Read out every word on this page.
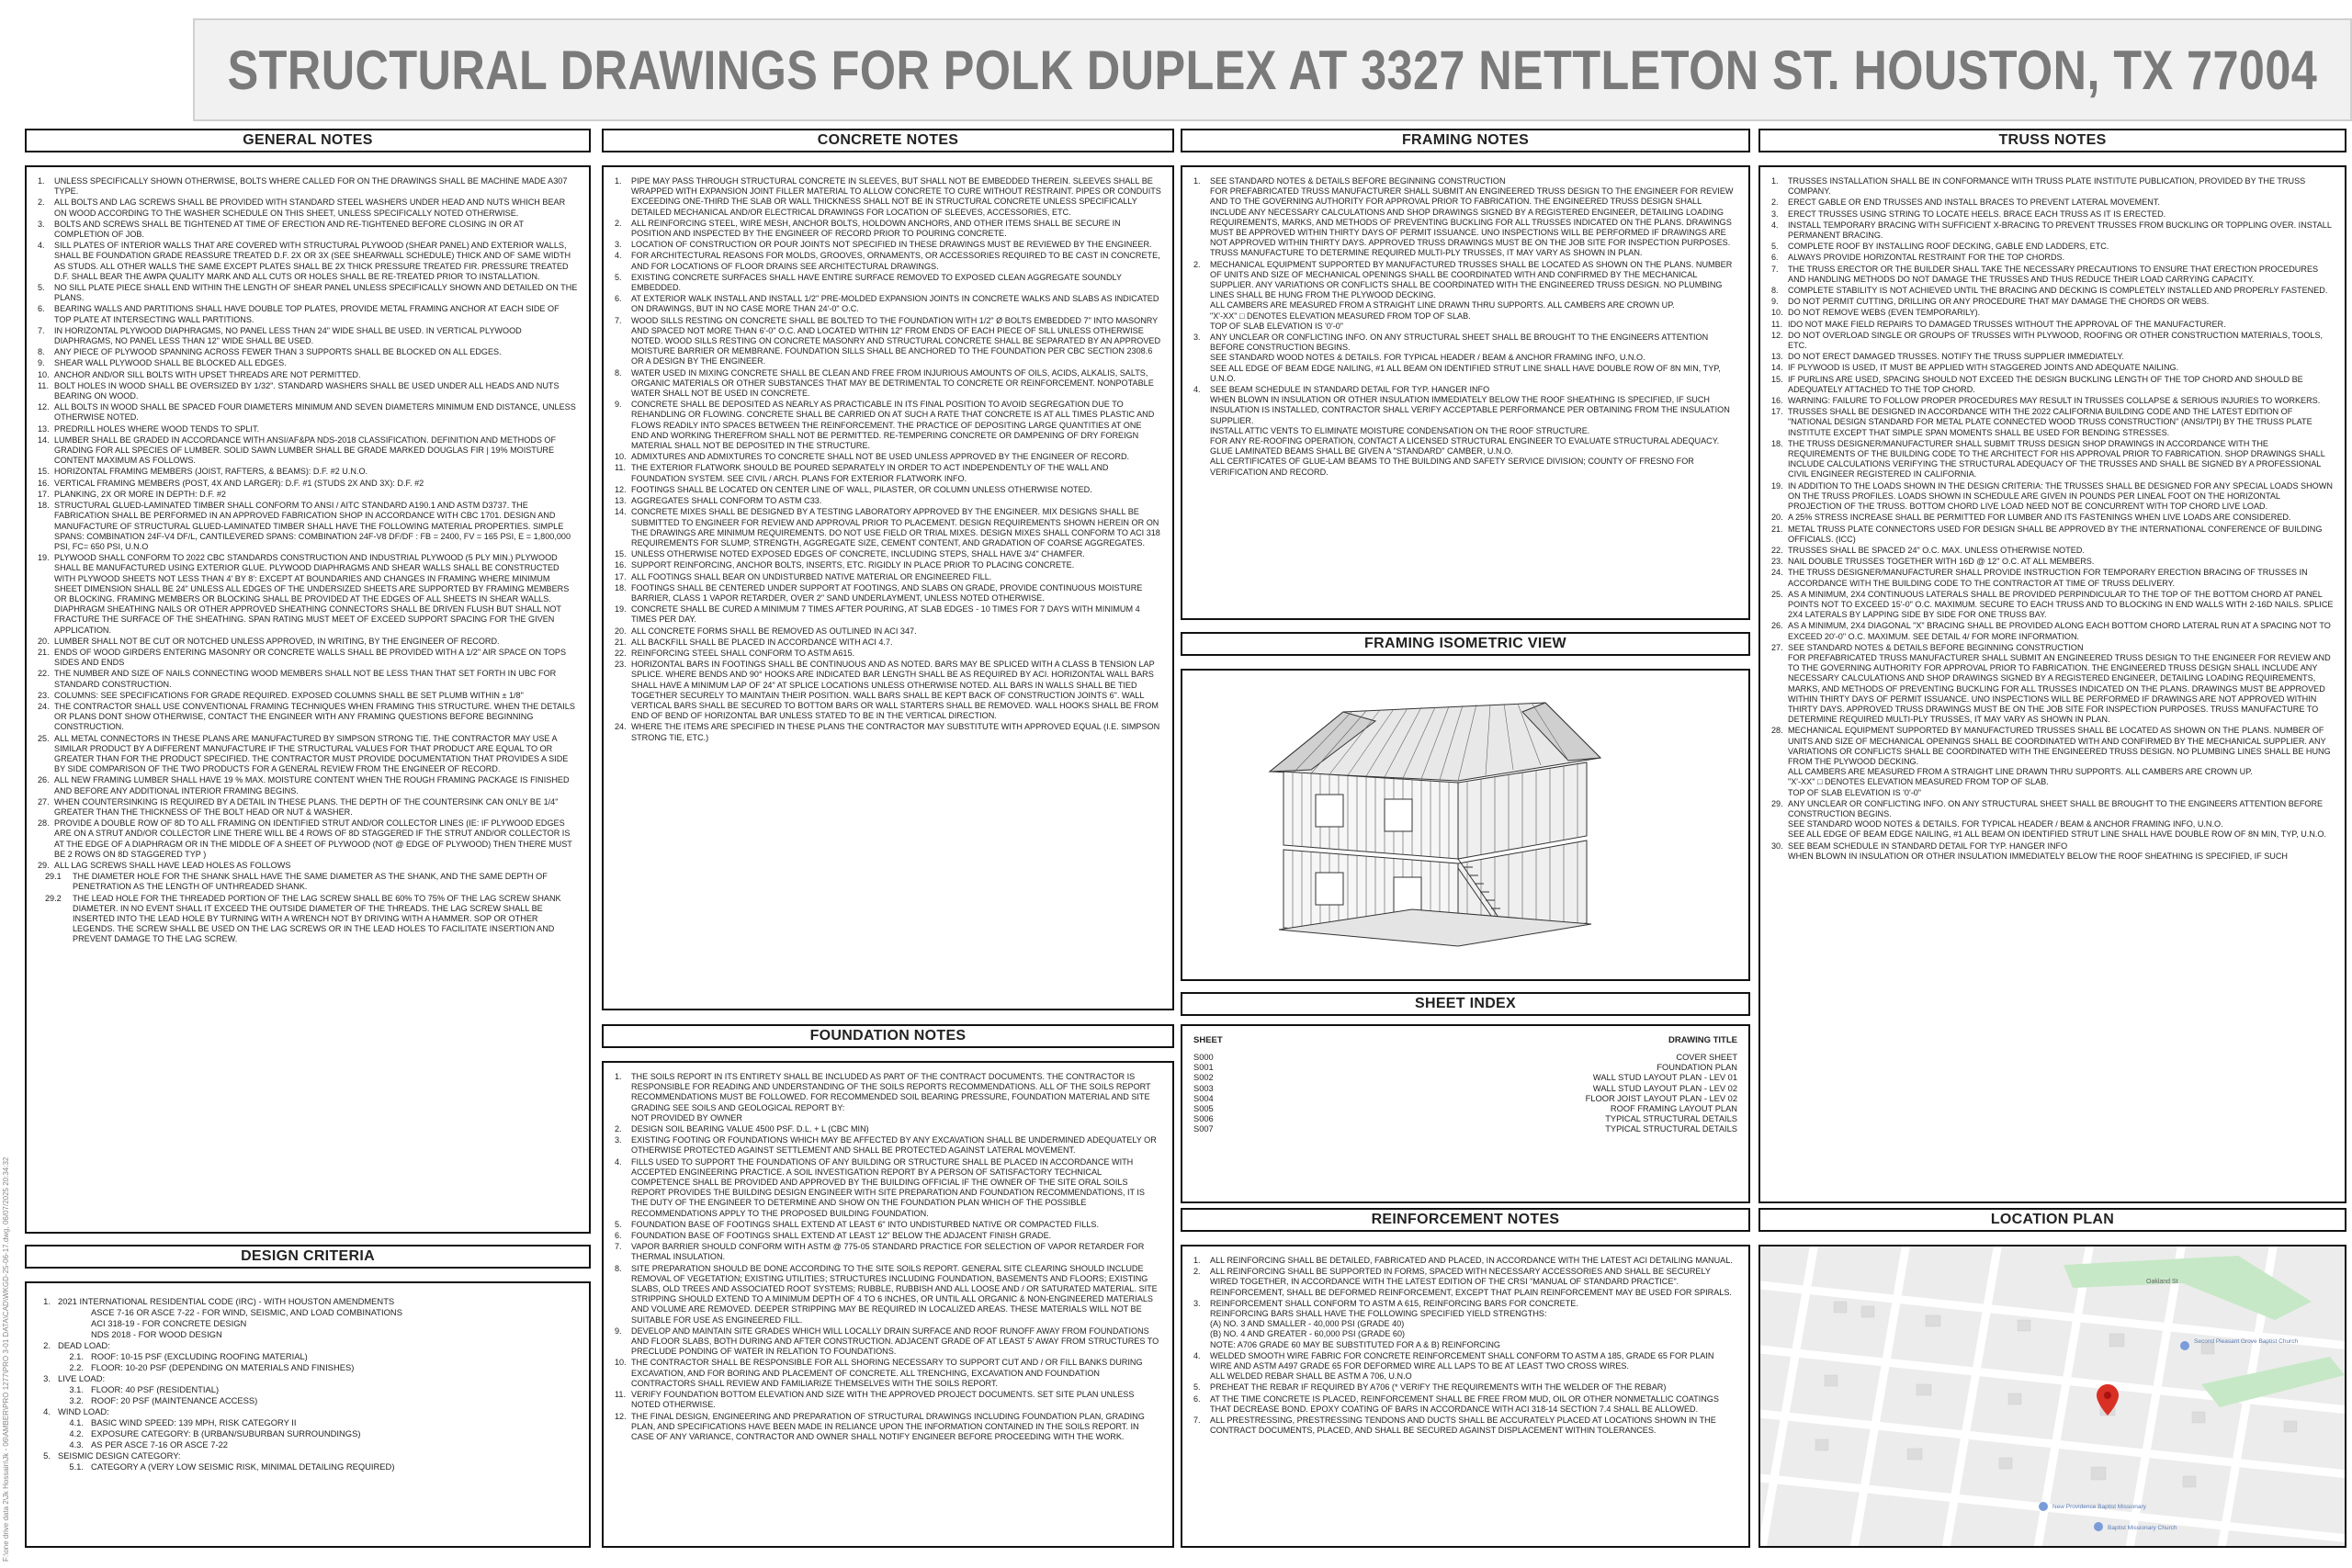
STRUCTURAL DRAWINGS FOR POLK DUPLEX AT 3327 NETTLETON ST. HOUSTON, TX 77004
F:\one drive data 2\Jk Hossain\Jk - 06\AMBER\PRO 1277\PRO 3-01 DATA\CAD\WKGD-25-06-17.dwg, 06/07/2025 20:34:32
GENERAL NOTES
1.	UNLESS SPECIFICALLY SHOWN OTHERWISE, BOLTS WHERE CALLED FOR ON THE DRAWINGS SHALL BE MACHINE MADE A307 TYPE.
2.	ALL BOLTS AND LAG SCREWS SHALL BE PROVIDED WITH STANDARD STEEL WASHERS UNDER HEAD AND NUTS WHICH BEAR ON WOOD ACCORDING TO THE WASHER SCHEDULE ON THIS SHEET, UNLESS SPECIFICALLY NOTED OTHERWISE.
3.	BOLTS AND SCREWS SHALL BE TIGHTENED AT TIME OF ERECTION AND RE-TIGHTENED BEFORE CLOSING IN OR AT COMPLETION OF JOB.
4.	SILL PLATES OF INTERIOR WALLS THAT ARE COVERED WITH STRUCTURAL PLYWOOD (SHEAR PANEL) AND EXTERIOR WALLS, SHALL BE FOUNDATION GRADE REASSURE TREATED D.F. 2X OR 3X (SEE SHEARWALL SCHEDULE) THICK AND OF SAME WIDTH AS STUDS. ALL OTHER WALLS THE SAME EXCEPT PLATES SHALL BE 2X THICK PRESSURE TREATED FIR. PRESSURE TREATED D.F. SHALL BEAR THE AWPA QUALITY MARK AND ALL CUTS OR HOLES SHALL BE RE-TREATED PRIOR TO INSTALLATION.
5.	NO SILL PLATE PIECE SHALL END WITHIN THE LENGTH OF SHEAR PANEL UNLESS SPECIFICALLY SHOWN AND DETAILED ON THE PLANS.
6.	BEARING WALLS AND PARTITIONS SHALL HAVE DOUBLE TOP PLATES, PROVIDE METAL FRAMING ANCHOR AT EACH SIDE OF TOP PLATE AT INTERSECTING WALL PARTITIONS.
7.	IN HORIZONTAL PLYWOOD DIAPHRAGMS, NO PANEL LESS THAN 24" WIDE SHALL BE USED. IN VERTICAL PLYWOOD DIAPHRAGMS, NO PANEL LESS THAN 12" WIDE SHALL BE USED.
8.	ANY PIECE OF PLYWOOD SPANNING ACROSS FEWER THAN 3 SUPPORTS SHALL BE BLOCKED ON ALL EDGES.
9.	SHEAR WALL PLYWOOD SHALL BE BLOCKED ALL EDGES.
10. ANCHOR AND/OR SILL BOLTS WITH UPSET THREADS ARE NOT PERMITTED.
11. BOLT HOLES IN WOOD SHALL BE OVERSIZED BY 1/32". STANDARD WASHERS SHALL BE USED UNDER ALL HEADS AND NUTS BEARING ON WOOD.
12. ALL BOLTS IN WOOD SHALL BE SPACED FOUR DIAMETERS MINIMUM AND SEVEN DIAMETERS MINIMUM END DISTANCE, UNLESS OTHERWISE NOTED.
13. PREDRILL HOLES WHERE WOOD TENDS TO SPLIT.
14. LUMBER SHALL BE GRADED IN ACCORDANCE WITH ANSI/AF&PA NDS-2018 CLASSIFICATION. DEFINITION AND METHODS OF GRADING FOR ALL SPECIES OF LUMBER. SOLID SAWN LUMBER SHALL BE GRADE MARKED DOUGLAS FIR | 19% MOISTURE CONTENT MAXIMUM AS FOLLOWS.
15. HORIZONTAL FRAMING MEMBERS (JOIST, RAFTERS, & BEAMS): D.F. #2 U.N.O.
16. VERTICAL FRAMING MEMBERS (POST, 4X AND LARGER): D.F. #1 (STUDS 2X AND 3X): D.F. #2
17. PLANKING, 2X OR MORE IN DEPTH: D.F. #2
18. STRUCTURAL GLUED-LAMINATED TIMBER SHALL CONFORM TO ANSI / AITC STANDARD A190.1 AND ASTM D3737. THE FABRICATION SHALL BE PERFORMED IN AN APPROVED FABRICATION SHOP IN ACCORDANCE WITH CBC 1701. DESIGN AND MANUFACTURE OF STRUCTURAL GLUED-LAMINATED TIMBER SHALL HAVE THE FOLLOWING MATERIAL PROPERTIES. SIMPLE SPANS: COMBINATION 24F-V4 DF/L, CANTILEVERED SPANS: COMBINATION 24F-V8 DF/DF : FB = 2400, FV = 165 PSI, E = 1,800,000 PSI, FC= 650 PSI, U.N.O
19. PLYWOOD SHALL CONFORM TO 2022 CBC STANDARDS CONSTRUCTION AND INDUSTRIAL PLYWOOD (5 PLY MIN.) PLYWOOD SHALL BE MANUFACTURED USING EXTERIOR GLUE. PLYWOOD DIAPHRAGMS AND SHEAR WALLS SHALL BE CONSTRUCTED WITH PLYWOOD SHEETS NOT LESS THAN 4' BY 8': EXCEPT AT BOUNDARIES AND CHANGES IN FRAMING WHERE MINIMUM SHEET DIMENSION SHALL BE 24" UNLESS ALL EDGES OF THE UNDERSIZED SHEETS ARE SUPPORTED BY FRAMING MEMBERS OR BLOCKING. FRAMING MEMBERS OR BLOCKING SHALL BE PROVIDED AT THE EDGES OF ALL SHEETS IN SHEAR WALLS. DIAPHRAGM SHEATHING NAILS OR OTHER APPROVED SHEATHING CONNECTORS SHALL BE DRIVEN FLUSH BUT SHALL NOT FRACTURE THE SURFACE OF THE SHEATHING. SPAN RATING MUST MEET OF EXCEED SUPPORT SPACING FOR THE GIVEN APPLICATION.
20. LUMBER SHALL NOT BE CUT OR NOTCHED UNLESS APPROVED, IN WRITING, BY THE ENGINEER OF RECORD.
21. ENDS OF WOOD GIRDERS ENTERING MASONRY OR CONCRETE WALLS SHALL BE PROVIDED WITH A 1/2" AIR SPACE ON TOPS SIDES AND ENDS
22. THE NUMBER AND SIZE OF NAILS CONNECTING WOOD MEMBERS SHALL NOT BE LESS THAN THAT SET FORTH IN UBC FOR STANDARD CONSTRUCTION.
23. COLUMNS: SEE SPECIFICATIONS FOR GRADE REQUIRED. EXPOSED COLUMNS SHALL BE SET PLUMB WITHIN ± 1/8"
24. THE CONTRACTOR SHALL USE CONVENTIONAL FRAMING TECHNIQUES WHEN FRAMING THIS STRUCTURE. WHEN THE DETAILS OR PLANS DONT SHOW OTHERWISE, CONTACT THE ENGINEER WITH ANY FRAMING QUESTIONS BEFORE BEGINNING CONSTRUCTION.
25. ALL METAL CONNECTORS IN THESE PLANS ARE MANUFACTURED BY SIMPSON STRONG TIE. THE CONTRACTOR MAY USE A SIMILAR PRODUCT BY A DIFFERENT MANUFACTURE IF THE STRUCTURAL VALUES FOR THAT PRODUCT ARE EQUAL TO OR GREATER THAN FOR THE PRODUCT SPECIFIED. THE CONTRACTOR MUST PROVIDE DOCUMENTATION THAT PROVIDES A SIDE BY SIDE COMPARISON OF THE TWO PRODUCTS FOR A GENERAL REVIEW FROM THE ENGINEER OF RECORD.
26. ALL NEW FRAMING LUMBER SHALL HAVE 19 % MAX. MOISTURE CONTENT WHEN THE ROUGH FRAMING PACKAGE IS FINISHED AND BEFORE ANY ADDITIONAL INTERIOR FRAMING BEGINS.
27. WHEN COUNTERSINKING IS REQUIRED BY A DETAIL IN THESE PLANS. THE DEPTH OF THE COUNTERSINK CAN ONLY BE 1/4" GREATER THAN THE THICKNESS OF THE BOLT HEAD OR NUT & WASHER.
28. PROVIDE A DOUBLE ROW OF 8D TO ALL FRAMING ON IDENTIFIED STRUT AND/OR COLLECTOR LINES (IE: IF PLYWOOD EDGES ARE ON A STRUT AND/OR COLLECTOR LINE THERE WILL BE 4 ROWS OF 8D STAGGERED IF THE STRUT AND/OR COLLECTOR IS AT THE EDGE OF A DIAPHRAGM OR IN THE MIDDLE OF A SHEET OF PLYWOOD (NOT @ EDGE OF PLYWOOD) THEN THERE MUST BE 2 ROWS ON 8D STAGGERED TYP )
29. ALL LAG SCREWS SHALL HAVE LEAD HOLES AS FOLLOWS
29.1	THE DIAMETER HOLE FOR THE SHANK SHALL HAVE THE SAME DIAMETER AS THE SHANK, AND THE SAME DEPTH OF PENETRATION AS THE LENGTH OF UNTHREADED SHANK.
29.2	THE LEAD HOLE FOR THE THREADED PORTION OF THE LAG SCREW SHALL BE 60% TO 75% OF THE LAG SCREW SHANK DIAMETER. IN NO EVENT SHALL IT EXCEED THE OUTSIDE DIAMETER OF THE THREADS. THE LAG SCREW SHALL BE INSERTED INTO THE LEAD HOLE BY TURNING WITH A WRENCH NOT BY DRIVING WITH A HAMMER. SOP OR OTHER LEGENDS. THE SCREW SHALL BE USED ON THE LAG SCREWS OR IN THE LEAD HOLES TO FACILITATE INSERTION AND PREVENT DAMAGE TO THE LAG SCREW.
DESIGN CRITERIA
1. 2021 INTERNATIONAL RESIDENTIAL CODE (IRC) - WITH HOUSTON AMENDMENTS
ASCE 7-16 OR ASCE 7-22 - FOR WIND, SEISMIC, AND LOAD COMBINATIONS
ACI 318-19 - FOR CONCRETE DESIGN
NDS 2018 - FOR WOOD DESIGN
2. DEAD LOAD:
2.1. ROOF: 10-15 PSF (EXCLUDING ROOFING MATERIAL)
2.2. FLOOR: 10-20 PSF (DEPENDING ON MATERIALS AND FINISHES)
3. LIVE LOAD:
3.1. FLOOR: 40 PSF (RESIDENTIAL)
3.2. ROOF: 20 PSF (MAINTENANCE ACCESS)
4. WIND LOAD:
4.1. BASIC WIND SPEED: 139 MPH, RISK CATEGORY II
4.2. EXPOSURE CATEGORY: B (URBAN/SUBURBAN SURROUNDINGS)
4.3. AS PER ASCE 7-16 OR ASCE 7-22
5. SEISMIC DESIGN CATEGORY:
5.1. CATEGORY A (VERY LOW SEISMIC RISK, MINIMAL DETAILING REQUIRED)
CONCRETE NOTES
1.	PIPE MAY PASS THROUGH STRUCTURAL CONCRETE IN SLEEVES, BUT SHALL NOT BE EMBEDDED THEREIN. SLEEVES SHALL BE WRAPPED WITH EXPANSION JOINT FILLER MATERIAL TO ALLOW CONCRETE TO CURE WITHOUT RESTRAINT. PIPES OR CONDUITS EXCEEDING ONE-THIRD THE SLAB OR WALL THICKNESS SHALL NOT BE IN STRUCTURAL CONCRETE UNLESS SPECIFICALLY DETAILED MECHANICAL AND/OR ELECTRICAL DRAWINGS FOR LOCATION OF SLEEVES, ACCESSORIES, ETC.
2.	ALL REINFORCING STEEL, WIRE MESH, ANCHOR BOLTS, HOLDOWN ANCHORS, AND OTHER ITEMS SHALL BE SECURE IN POSITION AND INSPECTED BY THE ENGINEER OF RECORD PRIOR TO POURING CONCRETE.
3.	LOCATION OF CONSTRUCTION OR POUR JOINTS NOT SPECIFIED IN THESE DRAWINGS MUST BE REVIEWED BY THE ENGINEER.
4.	FOR ARCHITECTURAL REASONS FOR MOLDS, GROOVES, ORNAMENTS, OR ACCESSORIES REQUIRED TO BE CAST IN CONCRETE, AND FOR LOCATIONS OF FLOOR DRAINS SEE ARCHITECTURAL DRAWINGS.
5.	EXISTING CONCRETE SURFACES SHALL HAVE ENTIRE SURFACE REMOVED TO EXPOSED CLEAN AGGREGATE SOUNDLY EMBEDDED.
6.	AT EXTERIOR WALK INSTALL AND INSTALL 1/2" PRE-MOLDED EXPANSION JOINTS IN CONCRETE WALKS AND SLABS AS INDICATED ON DRAWINGS, BUT IN NO CASE MORE THAN 24'-0" O.C.
7.	WOOD SILLS RESTING ON CONCRETE SHALL BE BOLTED TO THE FOUNDATION WITH 1/2" Ø BOLTS EMBEDDED 7" INTO MASONRY AND SPACED NOT MORE THAN 6'-0" O.C. AND LOCATED WITHIN 12" FROM ENDS OF EACH PIECE OF SILL UNLESS OTHERWISE NOTED. WOOD SILLS RESTING ON CONCRETE MASONRY AND STRUCTURAL CONCRETE SHALL BE SEPARATED BY AN APPROVED MOISTURE BARRIER OR MEMBRANE. FOUNDATION SILLS SHALL BE ANCHORED TO THE FOUNDATION PER CBC SECTION 2308.6 OR A DESIGN BY THE ENGINEER.
8.	WATER USED IN MIXING CONCRETE SHALL BE CLEAN AND FREE FROM INJURIOUS AMOUNTS OF OILS, ACIDS, ALKALIS, SALTS, ORGANIC MATERIALS OR OTHER SUBSTANCES THAT MAY BE DETRIMENTAL TO CONCRETE OR REINFORCEMENT. NONPOTABLE WATER SHALL NOT BE USED IN CONCRETE.
9.	CONCRETE SHALL BE DEPOSITED AS NEARLY AS PRACTICABLE IN ITS FINAL POSITION TO AVOID SEGREGATION DUE TO REHANDLING OR FLOWING. CONCRETE SHALL BE CARRIED ON AT SUCH A RATE THAT CONCRETE IS AT ALL TIMES PLASTIC AND FLOWS READILY INTO SPACES BETWEEN THE REINFORCEMENT. THE PRACTICE OF DEPOSITING LARGE QUANTITIES AT ONE END AND WORKING THEREFROM SHALL NOT BE PERMITTED. RE-TEMPERING CONCRETE OR DAMPENING OF DRY FOREIGN MATERIAL SHALL NOT BE DEPOSITED IN THE STRUCTURE.
10. ADMIXTURES AND ADMIXTURES TO CONCRETE SHALL NOT BE USED UNLESS APPROVED BY THE ENGINEER OF RECORD.
11. THE EXTERIOR FLATWORK SHOULD BE POURED SEPARATELY IN ORDER TO ACT INDEPENDENTLY OF THE WALL AND FOUNDATION SYSTEM. SEE CIVIL / ARCH. PLANS FOR EXTERIOR FLATWORK INFO.
12. FOOTINGS SHALL BE LOCATED ON CENTER LINE OF WALL, PILASTER, OR COLUMN UNLESS OTHERWISE NOTED.
13. AGGREGATES SHALL CONFORM TO ASTM C33.
14. CONCRETE MIXES SHALL BE DESIGNED BY A TESTING LABORATORY APPROVED BY THE ENGINEER. MIX DESIGNS SHALL BE SUBMITTED TO ENGINEER FOR REVIEW AND APPROVAL PRIOR TO PLACEMENT. DESIGN REQUIREMENTS SHOWN HEREIN OR ON THE DRAWINGS ARE MINIMUM REQUIREMENTS. DO NOT USE FIELD OR TRIAL MIXES. DESIGN MIXES SHALL CONFORM TO ACI 318 REQUIREMENTS FOR SLUMP, STRENGTH, AGGREGATE SIZE, CEMENT CONTENT, AND GRADATION OF COARSE AGGREGATES.
15. UNLESS OTHERWISE NOTED EXPOSED EDGES OF CONCRETE, INCLUDING STEPS, SHALL HAVE 3/4" CHAMFER.
16. SUPPORT REINFORCING, ANCHOR BOLTS, INSERTS, ETC. RIGIDLY IN PLACE PRIOR TO PLACING CONCRETE.
17. ALL FOOTINGS SHALL BEAR ON UNDISTURBED NATIVE MATERIAL OR ENGINEERED FILL.
18. FOOTINGS SHALL BE CENTERED UNDER SUPPORT AT FOOTINGS, AND SLABS ON GRADE, PROVIDE CONTINUOUS MOISTURE BARRIER, CLASS 1 VAPOR RETARDER, OVER 2" SAND UNDERLAYMENT, UNLESS NOTED OTHERWISE.
19. CONCRETE SHALL BE CURED A MINIMUM 7 TIMES AFTER POURING, AT SLAB EDGES - 10 TIMES FOR 7 DAYS WITH MINIMUM 4 TIMES PER DAY.
20. ALL CONCRETE FORMS SHALL BE REMOVED AS OUTLINED IN ACI 347.
21. ALL BACKFILL SHALL BE PLACED IN ACCORDANCE WITH ACI 4.7.
22. REINFORCING STEEL SHALL CONFORM TO ASTM A615.
23. HORIZONTAL BARS IN FOOTINGS SHALL BE CONTINUOUS AND AS NOTED. BARS MAY BE SPLICED WITH A CLASS B TENSION LAP SPLICE. WHERE BENDS AND 90° HOOKS ARE INDICATED BAR LENGTH SHALL BE AS REQUIRED BY ACI. HORIZONTAL WALL BARS SHALL HAVE A MINIMUM LAP OF 24" AT SPLICE LOCATIONS UNLESS OTHERWISE NOTED. ALL BARS IN WALLS SHALL BE TIED TOGETHER SECURELY TO MAINTAIN THEIR POSITION. WALL BARS SHALL BE KEPT BACK OF CONSTRUCTION JOINTS 6". WALL VERTICAL BARS SHALL BE SECURED TO BOTTOM BARS OR WALL STARTERS SHALL BE REMOVED. WALL HOOKS SHALL BE FROM END OF BEND OF HORIZONTAL BAR UNLESS STATED TO BE IN THE VERTICAL DIRECTION.
24. WHERE THE ITEMS ARE SPECIFIED IN THESE PLANS THE CONTRACTOR MAY SUBSTITUTE WITH APPROVED EQUAL (I.E. SIMPSON STRONG TIE, ETC.)
FOUNDATION NOTES
1.	THE SOILS REPORT IN ITS ENTIRETY SHALL BE INCLUDED AS PART OF THE CONTRACT DOCUMENTS. THE CONTRACTOR IS RESPONSIBLE FOR READING AND UNDERSTANDING OF THE SOILS REPORTS RECOMMENDATIONS. ALL OF THE SOILS REPORT RECOMMENDATIONS MUST BE FOLLOWED. FOR RECOMMENDED SOIL BEARING PRESSURE, FOUNDATION MATERIAL AND SITE GRADING SEE SOILS AND GEOLOGICAL REPORT BY:
NOT PROVIDED BY OWNER
2.	DESIGN SOIL BEARING VALUE 4500 PSF. D.L. + L (CBC MIN)
3.	EXISTING FOOTING OR FOUNDATIONS WHICH MAY BE AFFECTED BY ANY EXCAVATION SHALL BE UNDERMINED ADEQUATELY OR OTHERWISE PROTECTED AGAINST SETTLEMENT AND SHALL BE PROTECTED AGAINST LATERAL MOVEMENT.
4.	FILLS USED TO SUPPORT THE FOUNDATIONS OF ANY BUILDING OR STRUCTURE SHALL BE PLACED IN ACCORDANCE WITH ACCEPTED ENGINEERING PRACTICE. A SOIL INVESTIGATION REPORT BY A PERSON OF SATISFACTORY TECHNICAL COMPETENCE SHALL BE PROVIDED AND APPROVED BY THE BUILDING OFFICIAL IF THE OWNER OF THE SITE ORAL SOILS REPORT PROVIDES THE BUILDING DESIGN ENGINEER WITH SITE PREPARATION AND FOUNDATION RECOMMENDATIONS, IT IS THE DUTY OF THE ENGINEER TO DETERMINE AND SHOW ON THE FOUNDATION PLAN WHICH OF THE POSSIBLE RECOMMENDATIONS APPLY TO THE PROPOSED BUILDING FOUNDATION.
5.	FOUNDATION BASE OF FOOTINGS SHALL EXTEND AT LEAST 6" INTO UNDISTURBED NATIVE OR COMPACTED FILLS.
6.	FOUNDATION BASE OF FOOTINGS SHALL EXTEND AT LEAST 12" BELOW THE ADJACENT FINISH GRADE.
7.	VAPOR BARRIER SHOULD CONFORM WITH ASTM @ 775-05 STANDARD PRACTICE FOR SELECTION OF VAPOR RETARDER FOR THERMAL INSULATION.
8.	SITE PREPARATION SHOULD BE DONE ACCORDING TO THE SITE SOILS REPORT. GENERAL SITE CLEARING SHOULD INCLUDE REMOVAL OF VEGETATION; EXISTING UTILITIES; STRUCTURES INCLUDING FOUNDATION, BASEMENTS AND FLOORS; EXISTING SLABS, OLD TREES AND ASSOCIATED ROOT SYSTEMS; RUBBLE, RUBBISH AND ALL LOOSE AND / OR SATURATED MATERIAL. SITE STRIPPING SHOULD EXTEND TO A MINIMUM DEPTH OF 4 TO 6 INCHES, OR UNTIL ALL ORGANIC & NON-ENGINEERED MATERIALS AND VOLUME ARE REMOVED. DEEPER STRIPPING MAY BE REQUIRED IN LOCALIZED AREAS. THESE MATERIALS WILL NOT BE SUITABLE FOR USE AS ENGINEERED FILL.
9.	DEVELOP AND MAINTAIN SITE GRADES WHICH WILL LOCALLY DRAIN SURFACE AND ROOF RUNOFF AWAY FROM FOUNDATIONS AND FLOOR SLABS, BOTH DURING AND AFTER CONSTRUCTION. ADJACENT GRADE OF AT LEAST 5' AWAY FROM STRUCTURES TO PRECLUDE PONDING OF WATER IN RELATION TO FOUNDATIONS.
10. THE CONTRACTOR SHALL BE RESPONSIBLE FOR ALL SHORING NECESSARY TO SUPPORT CUT AND / OR FILL BANKS DURING EXCAVATION, AND FOR BORING AND PLACEMENT OF CONCRETE. ALL TRENCHING, EXCAVATION AND FOUNDATION CONTRACTORS SHALL REVIEW AND FAMILIARIZE THEMSELVES WITH THE SOILS REPORT.
11. VERIFY FOUNDATION BOTTOM ELEVATION AND SIZE WITH THE APPROVED PROJECT DOCUMENTS. SET SITE PLAN UNLESS NOTED OTHERWISE.
12. THE FINAL DESIGN, ENGINEERING AND PREPARATION OF STRUCTURAL DRAWINGS INCLUDING FOUNDATION PLAN, GRADING PLAN, AND SPECIFICATIONS HAVE BEEN MADE IN RELIANCE UPON THE INFORMATION CONTAINED IN THE SOILS REPORT. IN CASE OF ANY VARIANCE, CONTRACTOR AND OWNER SHALL NOTIFY ENGINEER BEFORE PROCEEDING WITH THE WORK.
FRAMING NOTES
1.	SEE STANDARD NOTES & DETAILS BEFORE BEGINNING CONSTRUCTION
FOR PREFABRICATED TRUSS MANUFACTURER SHALL SUBMIT AN ENGINEERED TRUSS DESIGN TO THE ENGINEER FOR REVIEW AND TO THE GOVERNING AUTHORITY FOR APPROVAL PRIOR TO FABRICATION. THE ENGINEERED TRUSS DESIGN SHALL INCLUDE ANY NECESSARY CALCULATIONS AND SHOP DRAWINGS SIGNED BY A REGISTERED ENGINEER, DETAILING LOADING REQUIREMENTS, MARKS, AND METHODS OF PREVENTING BUCKLING FOR ALL TRUSSES INDICATED ON THE PLANS. DRAWINGS MUST BE APPROVED WITHIN THIRTY DAYS OF PERMIT ISSUANCE. UNO INSPECTIONS WILL BE PERFORMED IF DRAWINGS ARE NOT APPROVED WITHIN THIRTY DAYS. APPROVED TRUSS DRAWINGS MUST BE ON THE JOB SITE FOR INSPECTION PURPOSES. TRUSS MANUFACTURE TO DETERMINE REQUIRED MULTI-PLY TRUSSES, IT MAY VARY AS SHOWN IN PLAN.
2.	MECHANICAL EQUIPMENT SUPPORTED BY MANUFACTURED TRUSSES SHALL BE LOCATED AS SHOWN ON THE PLANS. NUMBER OF UNITS AND SIZE OF MECHANICAL OPENINGS SHALL BE COORDINATED WITH AND CONFIRMED BY THE MECHANICAL SUPPLIER. ANY VARIATIONS OR CONFLICTS SHALL BE COORDINATED WITH THE ENGINEERED TRUSS DESIGN. NO PLUMBING LINES SHALL BE HUNG FROM THE PLYWOOD DECKING.
ALL CAMBERS ARE MEASURED FROM A STRAIGHT LINE DRAWN THRU SUPPORTS. ALL CAMBERS ARE CROWN UP.
"X'-XX" □ DENOTES ELEVATION MEASURED FROM TOP OF SLAB.
TOP OF SLAB ELEVATION IS '0'-0"
3.	ANY UNCLEAR OR CONFLICTING INFO. ON ANY STRUCTURAL SHEET SHALL BE BROUGHT TO THE ENGINEERS ATTENTION BEFORE CONSTRUCTION BEGINS.
SEE STANDARD WOOD NOTES & DETAILS. FOR TYPICAL HEADER / BEAM & ANCHOR FRAMING INFO, U.N.O.
SEE ALL EDGE OF BEAM EDGE NAILING, #1 ALL BEAM ON IDENTIFIED STRUT LINE SHALL HAVE DOUBLE ROW OF 8N MIN, TYP, U.N.O.
4.	SEE BEAM SCHEDULE IN STANDARD DETAIL FOR TYP. HANGER INFO
WHEN BLOWN IN INSULATION OR OTHER INSULATION IMMEDIATELY BELOW THE ROOF SHEATHING IS SPECIFIED, IF SUCH INSULATION IS INSTALLED, CONTRACTOR SHALL VERIFY ACCEPTABLE PERFORMANCE PER OBTAINING FROM THE INSULATION SUPPLIER.
INSTALL ATTIC VENTS TO ELIMINATE MOISTURE CONDENSATION ON THE ROOF STRUCTURE.
FOR ANY RE-ROOFING OPERATION, CONTACT A LICENSED STRUCTURAL ENGINEER TO EVALUATE STRUCTURAL ADEQUACY.
GLUE LAMINATED BEAMS SHALL BE GIVEN A "STANDARD" CAMBER, U.N.O.
ALL CERTIFICATES OF GLUE-LAM BEAMS TO THE BUILDING AND SAFETY SERVICE DIVISION; COUNTY OF FRESNO FOR VERIFICATION AND RECORD.
FRAMING ISOMETRIC VIEW
SHEET INDEX
SHEET	DRAWING TITLE
S000	COVER SHEET
S001	FOUNDATION PLAN
S002	WALL STUD LAYOUT PLAN - LEV 01
S003	WALL STUD LAYOUT PLAN - LEV 02
S004	FLOOR JOIST LAYOUT PLAN - LEV 02
S005	ROOF FRAMING LAYOUT PLAN
S006	TYPICAL STRUCTURAL DETAILS
S007	TYPICAL STRUCTURAL DETAILS
REINFORCEMENT NOTES
1.	ALL REINFORCING SHALL BE DETAILED, FABRICATED AND PLACED, IN ACCORDANCE WITH THE LATEST ACI DETAILING MANUAL.
2.	ALL REINFORCING SHALL BE SUPPORTED IN FORMS, SPACED WITH NECESSARY ACCESSORIES AND SHALL BE SECURELY WIRED TOGETHER, IN ACCORDANCE WITH THE LATEST EDITION OF THE CRSI "MANUAL OF STANDARD PRACTICE". REINFORCEMENT, SHALL BE DEFORMED REINFORCEMENT, EXCEPT THAT PLAIN REINFORCEMENT MAY BE USED FOR SPIRALS.
3.	REINFORCEMENT SHALL CONFORM TO ASTM A 615, REINFORCING BARS FOR CONCRETE.
REINFORCING BARS SHALL HAVE THE FOLLOWING SPECIFIED YIELD STRENGTHS:
(A) NO. 3 AND SMALLER - 40,000 PSI (GRADE 40)
(B) NO. 4 AND GREATER - 60,000 PSI (GRADE 60)
NOTE: A706 GRADE 60 MAY BE SUBSTITUTED FOR A & B) REINFORCING
4.	WELDED SMOOTH WIRE FABRIC FOR CONCRETE REINFORCEMENT SHALL CONFORM TO ASTM A 185, GRADE 65 FOR PLAIN WIRE AND ASTM A497 GRADE 65 FOR DEFORMED WIRE ALL LAPS TO BE AT LEAST TWO CROSS WIRES.
ALL WELDED REBAR SHALL BE ASTM A 706, U.N.O
5.	PREHEAT THE REBAR IF REQUIRED BY A706 (* VERIFY THE REQUIREMENTS WITH THE WELDER OF THE REBAR)
6.	AT THE TIME CONCRETE IS PLACED, REINFORCEMENT SHALL BE FREE FROM MUD, OIL OR OTHER NONMETALLIC COATINGS THAT DECREASE BOND. EPOXY COATING OF BARS IN ACCORDANCE WITH ACI 318-14 SECTION 7.4 SHALL BE ALLOWED.
7.	ALL PRESTRESSING, PRESTRESSING TENDONS AND DUCTS SHALL BE ACCURATELY PLACED AT LOCATIONS SHOWN IN THE CONTRACT DOCUMENTS, PLACED, AND SHALL BE SECURED AGAINST DISPLACEMENT WITHIN TOLERANCES.
TRUSS NOTES
1.	TRUSSES INSTALLATION SHALL BE IN CONFORMANCE WITH TRUSS PLATE INSTITUTE PUBLICATION, PROVIDED BY THE TRUSS COMPANY.
2.	ERECT GABLE OR END TRUSSES AND INSTALL BRACES TO PREVENT LATERAL MOVEMENT.
3.	ERECT TRUSSES USING STRING TO LOCATE HEELS. BRACE EACH TRUSS AS IT IS ERECTED.
4.	INSTALL TEMPORARY BRACING WITH SUFFICIENT X-BRACING TO PREVENT TRUSSES FROM BUCKLING OR TOPPLING OVER. INSTALL PERMANENT BRACING.
5.	COMPLETE ROOF BY INSTALLING ROOF DECKING, GABLE END LADDERS, ETC.
6.	ALWAYS PROVIDE HORIZONTAL RESTRAINT FOR THE TOP CHORDS.
7.	THE TRUSS ERECTOR OR THE BUILDER SHALL TAKE THE NECESSARY PRECAUTIONS TO ENSURE THAT ERECTION PROCEDURES AND HANDLING METHODS DO NOT DAMAGE THE TRUSSES AND THUS REDUCE THEIR LOAD CARRYING CAPACITY.
8.	COMPLETE STABILITY IS NOT ACHIEVED UNTIL THE BRACING AND DECKING IS COMPLETELY INSTALLED AND PROPERLY FASTENED.
9.	DO NOT PERMIT CUTTING, DRILLING OR ANY PROCEDURE THAT MAY DAMAGE THE CHORDS OR WEBS.
10. DO NOT REMOVE WEBS (EVEN TEMPORARILY).
11. IDO NOT MAKE FIELD REPAIRS TO DAMAGED TRUSSES WITHOUT THE APPROVAL OF THE MANUFACTURER.
12. DO NOT OVERLOAD SINGLE OR GROUPS OF TRUSSES WITH PLYWOOD, ROOFING OR OTHER CONSTRUCTION MATERIALS, TOOLS, ETC.
13. DO NOT ERECT DAMAGED TRUSSES. NOTIFY THE TRUSS SUPPLIER IMMEDIATELY.
14. IF PLYWOOD IS USED, IT MUST BE APPLIED WITH STAGGERED JOINTS AND ADEQUATE NAILING.
15. IF PURLINS ARE USED, SPACING SHOULD NOT EXCEED THE DESIGN BUCKLING LENGTH OF THE TOP CHORD AND SHOULD BE ADEQUATELY ATTACHED TO THE TOP CHORD.
16. WARNING: FAILURE TO FOLLOW PROPER PROCEDURES MAY RESULT IN TRUSSES COLLAPSE & SERIOUS INJURIES TO WORKERS.
17. TRUSSES SHALL BE DESIGNED IN ACCORDANCE WITH THE 2022 CALIFORNIA BUILDING CODE AND THE LATEST EDITION OF "NATIONAL DESIGN STANDARD FOR METAL PLATE CONNECTED WOOD TRUSS CONSTRUCTION" (ANSI/TPI) BY THE TRUSS PLATE INSTITUTE EXCEPT THAT SIMPLE SPAN MOMENTS SHALL BE USED FOR BENDING STRESSES.
18. THE TRUSS DESIGNER/MANUFACTURER SHALL SUBMIT TRUSS DESIGN SHOP DRAWINGS IN ACCORDANCE WITH THE REQUIREMENTS OF THE BUILDING CODE TO THE ARCHITECT FOR HIS APPROVAL PRIOR TO FABRICATION. SHOP DRAWINGS SHALL INCLUDE CALCULATIONS VERIFYING THE STRUCTURAL ADEQUACY OF THE TRUSSES AND SHALL BE SIGNED BY A PROFESSIONAL CIVIL ENGINEER REGISTERED IN CALIFORNIA.
19. IN ADDITION TO THE LOADS SHOWN IN THE DESIGN CRITERIA: THE TRUSSES SHALL BE DESIGNED FOR ANY SPECIAL LOADS SHOWN ON THE TRUSS PROFILES. LOADS SHOWN IN SCHEDULE ARE GIVEN IN POUNDS PER LINEAL FOOT ON THE HORIZONTAL PROJECTION OF THE TRUSS. BOTTOM CHORD LIVE LOAD NEED NOT BE CONCURRENT WITH TOP CHORD LIVE LOAD.
20. A 25% STRESS INCREASE SHALL BE PERMITTED FOR LUMBER AND ITS FASTENINGS WHEN LIVE LOADS ARE CONSIDERED.
21. METAL TRUSS PLATE CONNECTORS USED FOR DESIGN SHALL BE APPROVED BY THE INTERNATIONAL CONFERENCE OF BUILDING OFFICIALS. (ICC)
22. TRUSSES SHALL BE SPACED 24" O.C. MAX. UNLESS OTHERWISE NOTED.
23. NAIL DOUBLE TRUSSES TOGETHER WITH 16D @ 12" O.C. AT ALL MEMBERS.
24. THE TRUSS DESIGNER/MANUFACTURER SHALL PROVIDE INSTRUCTION FOR TEMPORARY ERECTION BRACING OF TRUSSES IN ACCORDANCE WITH THE BUILDING CODE TO THE CONTRACTOR AT TIME OF TRUSS DELIVERY.
25. AS A MINIMUM, 2X4 CONTINUOUS LATERALS SHALL BE PROVIDED PERPINDICULAR TO THE TOP OF THE BOTTOM CHORD AT PANEL POINTS NOT TO EXCEED 15'-0" O.C. MAXIMUM. SECURE TO EACH TRUSS AND TO BLOCKING IN END WALLS WITH 2-16D NAILS. SPLICE 2X4 LATERALS BY LAPPING SIDE BY SIDE FOR ONE TRUSS BAY.
26. AS A MINIMUM, 2X4 DIAGONAL "X" BRACING SHALL BE PROVIDED ALONG EACH BOTTOM CHORD LATERAL RUN AT A SPACING NOT TO EXCEED 20'-0" O.C. MAXIMUM. SEE DETAIL 4/ FOR MORE INFORMATION.
27. SEE STANDARD NOTES & DETAILS BEFORE BEGINNING CONSTRUCTION
FOR PREFABRICATED TRUSS MANUFACTURER SHALL SUBMIT AN ENGINEERED TRUSS DESIGN TO THE ENGINEER FOR REVIEW AND TO THE GOVERNING AUTHORITY FOR APPROVAL PRIOR TO FABRICATION. THE ENGINEERED TRUSS DESIGN SHALL INCLUDE ANY NECESSARY CALCULATIONS AND SHOP DRAWINGS SIGNED BY A REGISTERED ENGINEER, DETAILING LOADING REQUIREMENTS, MARKS, AND METHODS OF PREVENTING BUCKLING FOR ALL TRUSSES INDICATED ON THE PLANS. DRAWINGS MUST BE APPROVED WITHIN THIRTY DAYS OF PERMIT ISSUANCE. UNO INSPECTIONS WILL BE PERFORMED IF DRAWINGS ARE NOT APPROVED WITHIN THIRTY DAYS. APPROVED TRUSS DRAWINGS MUST BE ON THE JOB SITE FOR INSPECTION PURPOSES. TRUSS MANUFACTURE TO DETERMINE REQUIRED MULTI-PLY TRUSSES, IT MAY VARY AS SHOWN IN PLAN.
28. MECHANICAL EQUIPMENT SUPPORTED BY MANUFACTURED TRUSSES SHALL BE LOCATED AS SHOWN ON THE PLANS. NUMBER OF UNITS AND SIZE OF MECHANICAL OPENINGS SHALL BE COORDINATED WITH AND CONFIRMED BY THE MECHANICAL SUPPLIER. ANY VARIATIONS OR CONFLICTS SHALL BE COORDINATED WITH THE ENGINEERED TRUSS DESIGN. NO PLUMBING LINES SHALL BE HUNG FROM THE PLYWOOD DECKING.
ALL CAMBERS ARE MEASURED FROM A STRAIGHT LINE DRAWN THRU SUPPORTS. ALL CAMBERS ARE CROWN UP.
"X'-XX" □ DENOTES ELEVATION MEASURED FROM TOP OF SLAB.
TOP OF SLAB ELEVATION IS '0'-0"
29. ANY UNCLEAR OR CONFLICTING INFO. ON ANY STRUCTURAL SHEET SHALL BE BROUGHT TO THE ENGINEERS ATTENTION BEFORE CONSTRUCTION BEGINS.
SEE STANDARD WOOD NOTES & DETAILS. FOR TYPICAL HEADER / BEAM & ANCHOR FRAMING INFO, U.N.O.
SEE ALL EDGE OF BEAM EDGE NAILING, #1 ALL BEAM ON IDENTIFIED STRUT LINE SHALL HAVE DOUBLE ROW OF 8N MIN, TYP, U.N.O.
30. SEE BEAM SCHEDULE IN STANDARD DETAIL FOR TYP. HANGER INFO
WHEN BLOWN IN INSULATION OR OTHER INSULATION IMMEDIATELY BELOW THE ROOF SHEATHING IS SPECIFIED, IF SUCH
LOCATION PLAN
Oakland St
Second Pleasant Grove Baptist Church
New Providence Baptist Missionary
Baptist Missionary Church
